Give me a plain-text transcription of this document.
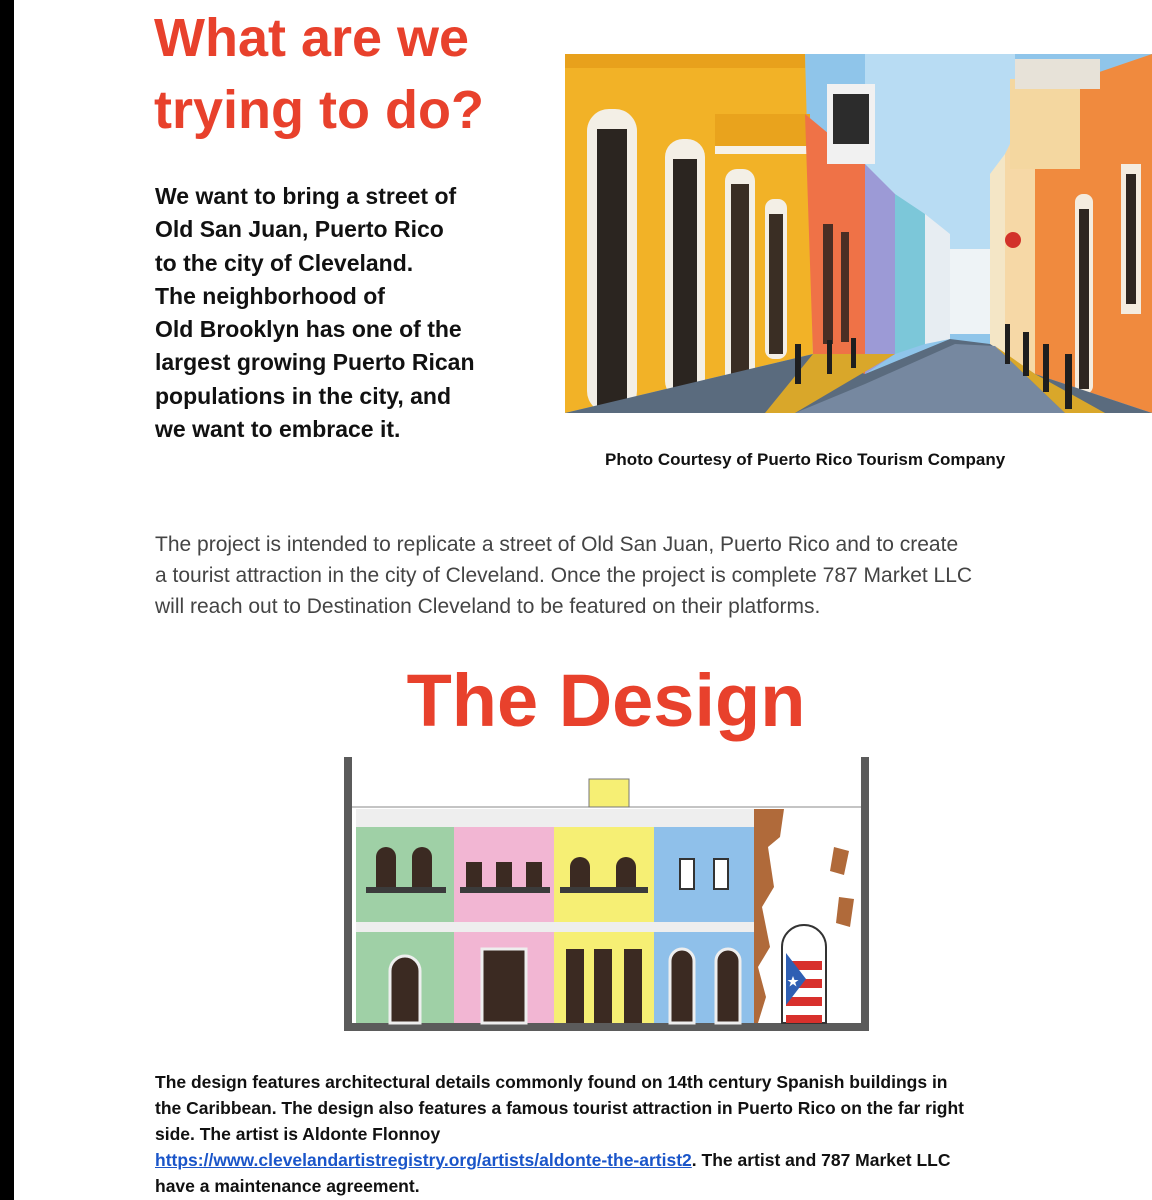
What are we
trying to do?

We want to bring a street of
Old San Juan, Puerto Rico
to the city of Cleveland.
The neighborhood of
Old Brooklyn has one of the
largest growing Puerto Rican
populations in the city, and
we want to embrace it.

Photo Courtesy of Puerto Rico Tourism Company

The project is intended to replicate a street of Old San Juan, Puerto Rico and to create
a tourist attraction in the city of Cleveland. Once the project is complete 787 Market LLC
will reach out to Destination Cleveland to be featured on their platforms.

The Design

The design features architectural details commonly found on 14th century Spanish buildings in
the Caribbean. The design also features a famous tourist attraction in Puerto Rico on the far right
side. The artist is Aldonte Flonnoy
https://www.clevelandartistregistry.org/artists/aldonte-the-artist2. The artist and 787 Market LLC
have a maintenance agreement.
